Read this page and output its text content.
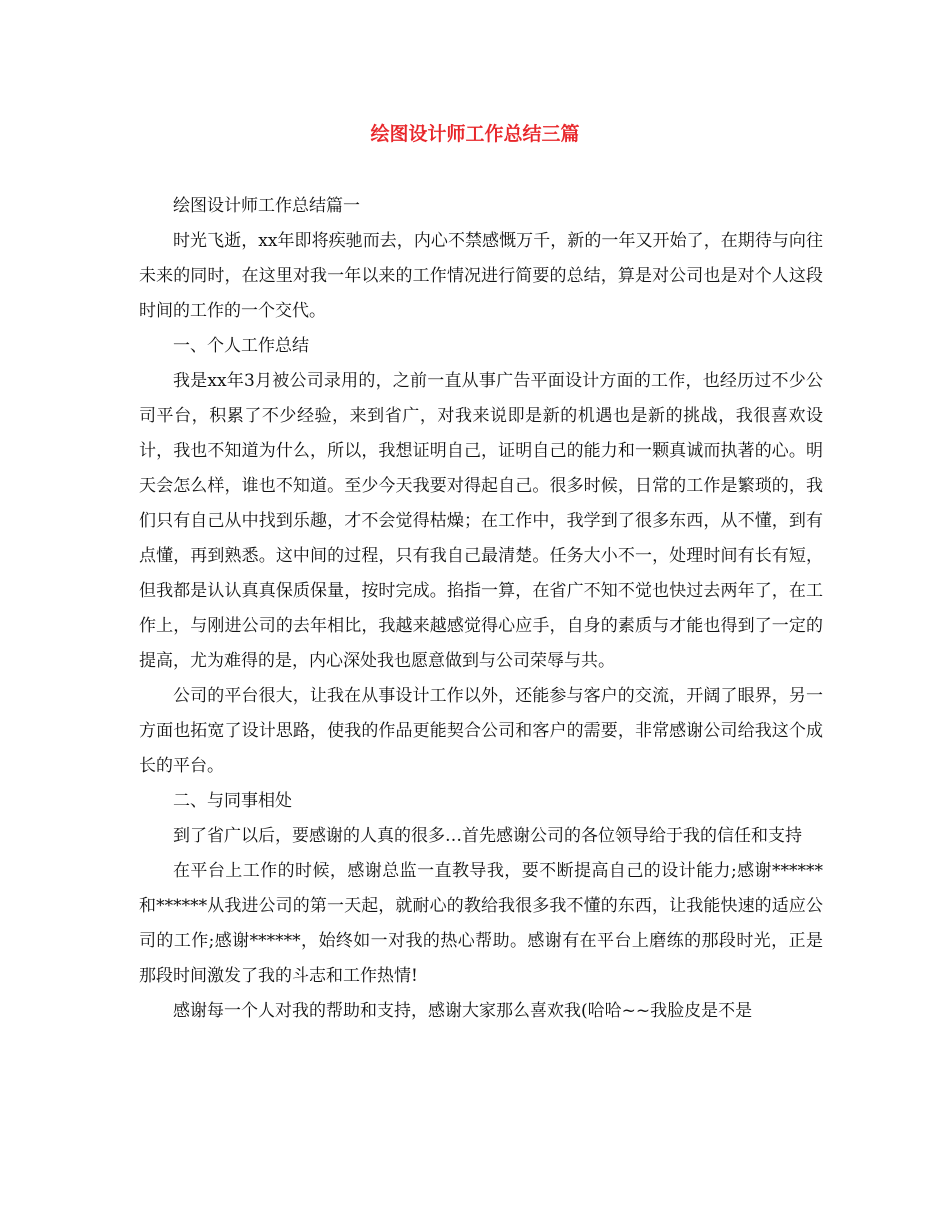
绘图设计师工作总结三篇

绘图设计师工作总结篇一

时光飞逝，xx年即将疾驰而去，内心不禁感慨万千，新的一年又开始了，在期待与向往未来的同时，在这里对我一年以来的工作情况进行简要的总结，算是对公司也是对个人这段时间的工作的一个交代。

一、个人工作总结

我是xx年3月被公司录用的，之前一直从事广告平面设计方面的工作，也经历过不少公司平台，积累了不少经验，来到省广，对我来说即是新的机遇也是新的挑战，我很喜欢设计，我也不知道为什么，所以，我想证明自己，证明自己的能力和一颗真诚而执著的心。明天会怎么样，谁也不知道。至少今天我要对得起自己。很多时候，日常的工作是繁琐的，我们只有自己从中找到乐趣，才不会觉得枯燥；在工作中，我学到了很多东西，从不懂，到有点懂，再到熟悉。这中间的过程，只有我自己最清楚。任务大小不一，处理时间有长有短，但我都是认认真真保质保量，按时完成。掐指一算，在省广不知不觉也快过去两年了，在工作上，与刚进公司的去年相比，我越来越感觉得心应手，自身的素质与才能也得到了一定的提高，尤为难得的是，内心深处我也愿意做到与公司荣辱与共。

公司的平台很大，让我在从事设计工作以外，还能参与客户的交流，开阔了眼界，另一方面也拓宽了设计思路，使我的作品更能契合公司和客户的需要，非常感谢公司给我这个成长的平台。

二、与同事相处

到了省广以后，要感谢的人真的很多…首先感谢公司的各位领导给于我的信任和支持

在平台上工作的时候，感谢总监一直教导我，要不断提高自己的设计能力;感谢******和******从我进公司的第一天起，就耐心的教给我很多我不懂的东西，让我能快速的适应公司的工作;感谢******，始终如一对我的热心帮助。感谢有在平台上磨练的那段时光，正是那段时间激发了我的斗志和工作热情!

感谢每一个人对我的帮助和支持，感谢大家那么喜欢我(哈哈~~我脸皮是不是
